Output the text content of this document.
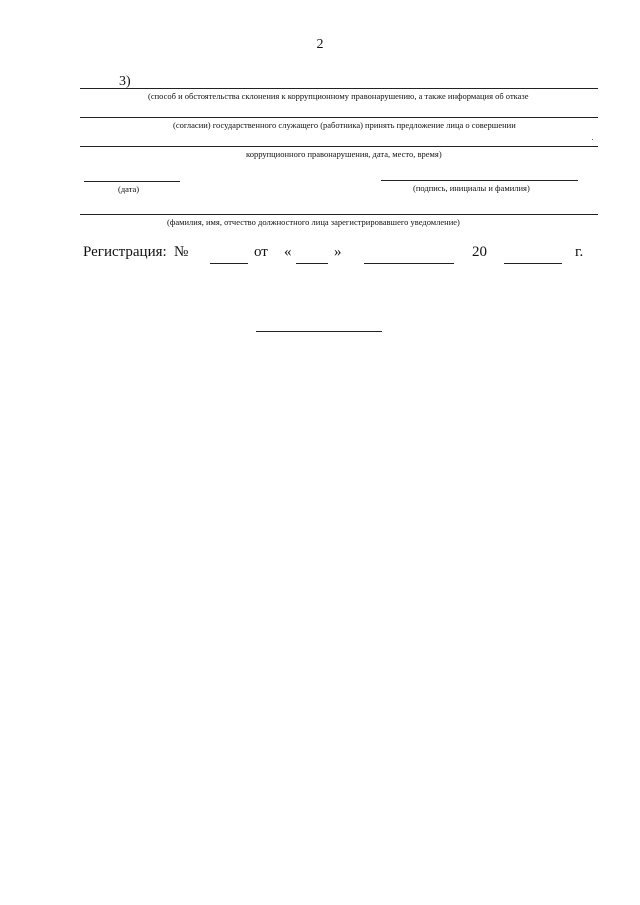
2
3)
(способ и обстоятельства склонения к коррупционному правонарушению, а также информация об отказе
(согласии) государственного служащего (работника) принять предложение лица о совершении
коррупционного правонарушения, дата, место, время)
(дата)	(подпись, инициалы и фамилия)
(фамилия, имя, отчество должностного лица зарегистрировавшего уведомление)
Регистрация: №	от «	»	20	г.
